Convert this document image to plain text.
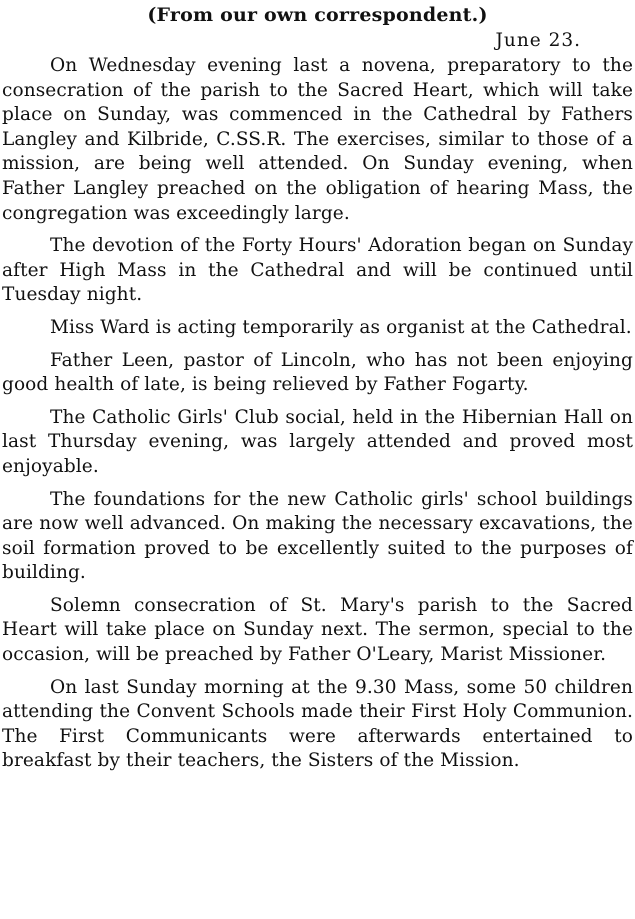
(From our own correspondent.)

June 23.

On Wednesday evening last a novena, preparatory to the consecration of the parish to the Sacred Heart, which will take place on Sunday, was commenced in the Cathedral by Fathers Langley and Kilbride, C.SS.R. The exercises, similar to those of a mission, are being well attended. On Sunday evening, when Father Langley preached on the obligation of hearing Mass, the congregation was exceedingly large.

The devotion of the Forty Hours' Adoration began on Sunday after High Mass in the Cathedral and will be continued until Tuesday night.

Miss Ward is acting temporarily as organist at the Cathedral.

Father Leen, pastor of Lincoln, who has not been enjoying good health of late, is being relieved by Father Fogarty.

The Catholic Girls' Club social, held in the Hibernian Hall on last Thursday evening, was largely attended and proved most enjoyable.

The foundations for the new Catholic girls' school buildings are now well advanced. On making the necessary excavations, the soil formation proved to be excellently suited to the purposes of building.

Solemn consecration of St. Mary's parish to the Sacred Heart will take place on Sunday next. The sermon, special to the occasion, will be preached by Father O'Leary, Marist Missioner.

On last Sunday morning at the 9.30 Mass, some 50 children attending the Convent Schools made their First Holy Communion. The First Communicants were afterwards entertained to breakfast by their teachers, the Sisters of the Mission.
